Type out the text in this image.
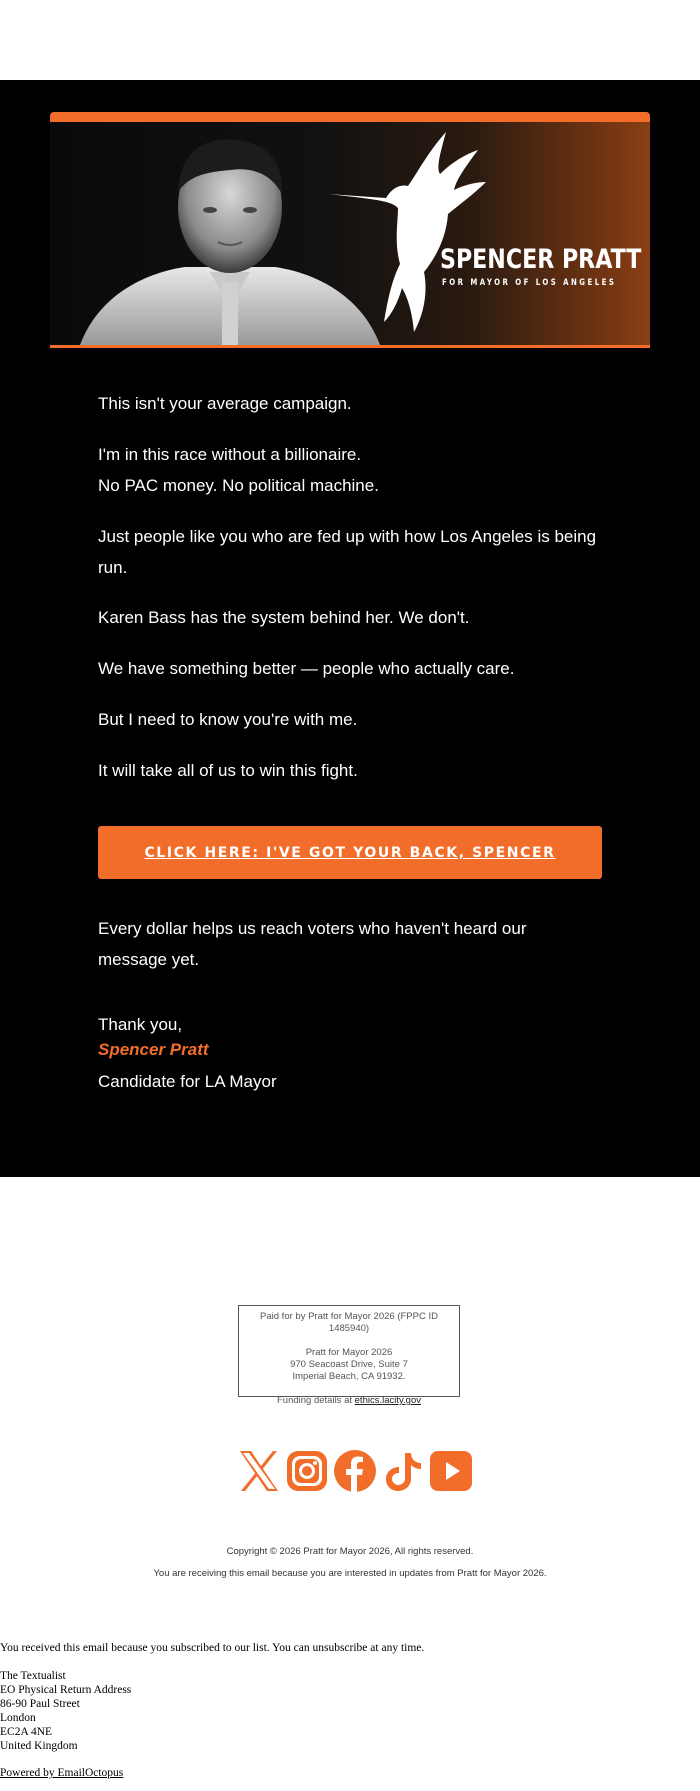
SPENCER PRATT
FOR MAYOR OF LOS ANGELES

This isn't your average campaign.

I'm in this race without a billionaire.

No PAC money. No political machine.

Just people like you who are fed up with how Los Angeles is being run.

Karen Bass has the system behind her. We don't.

We have something better — people who actually care.

But I need to know you're with me.

It will take all of us to win this fight.

CLICK HERE: I'VE GOT YOUR BACK, SPENCER

Every dollar helps us reach voters who haven't heard our message yet.

Thank you,

Spencer Pratt

Candidate for LA Mayor

Paid for by Pratt for Mayor 2026 (FPPC ID 1485940)
Pratt for Mayor 2026
970 Seacoast Drive, Suite 7
Imperial Beach, CA 91932.
Funding details at ethics.lacity.gov
Copyright © 2026 Pratt for Mayor 2026, All rights reserved.
You are receiving this email because you are interested in updates from Pratt for Mayor 2026.
You received this email because you subscribed to our list. You can unsubscribe at any time.
The Textualist
EO Physical Return Address
86-90 Paul Street
London
EC2A 4NE
United Kingdom
Powered by EmailOctopus
